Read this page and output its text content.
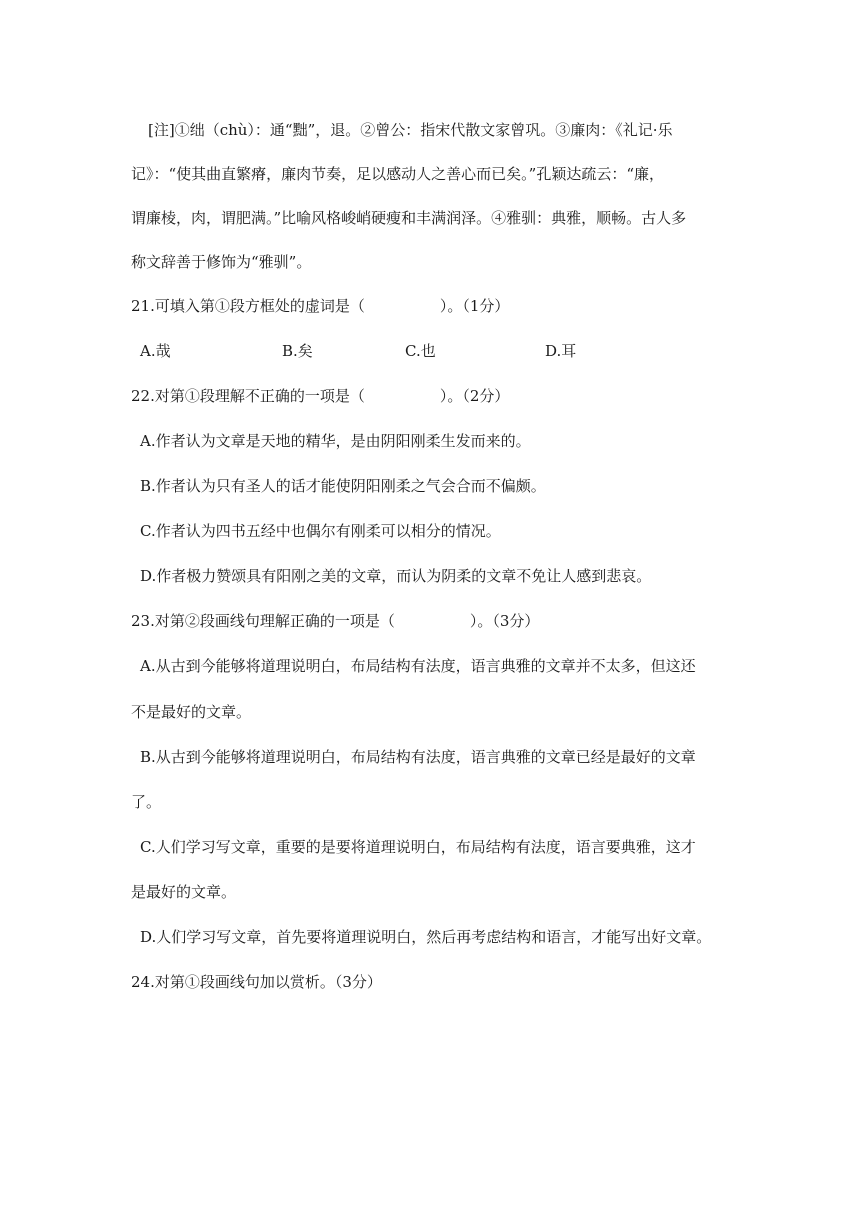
[注]①绌（chù）：通“黜”，退。②曾公：指宋代散文家曾巩。③廉肉：《礼记·乐
记》：“使其曲直繁瘠，廉肉节奏，足以感动人之善心而已矣。”孔颖达疏云：“廉，
谓廉棱，肉，谓肥满。”比喻风格峻峭硬瘦和丰满润泽。④雅驯：典雅，顺畅。古人多
称文辞善于修饰为“雅驯”。
21.可填入第①段方框处的虚词是（　　　　　）。（1分）
A.哉	B.矣	C.也	D.耳
22.对第①段理解不正确的一项是（　　　　　）。（2分）
A.作者认为文章是天地的精华，是由阴阳刚柔生发而来的。
B.作者认为只有圣人的话才能使阴阳刚柔之气会合而不偏颇。
C.作者认为四书五经中也偶尔有刚柔可以相分的情况。
D.作者极力赞颂具有阳刚之美的文章，而认为阴柔的文章不免让人感到悲哀。
23.对第②段画线句理解正确的一项是（　　　　　）。（3分）
A.从古到今能够将道理说明白，布局结构有法度，语言典雅的文章并不太多，但这还
不是最好的文章。
B.从古到今能够将道理说明白，布局结构有法度，语言典雅的文章已经是最好的文章
了。
C.人们学习写文章，重要的是要将道理说明白，布局结构有法度，语言要典雅，这才
是最好的文章。
D.人们学习写文章，首先要将道理说明白，然后再考虑结构和语言，才能写出好文章。
24.对第①段画线句加以赏析。（3分）
